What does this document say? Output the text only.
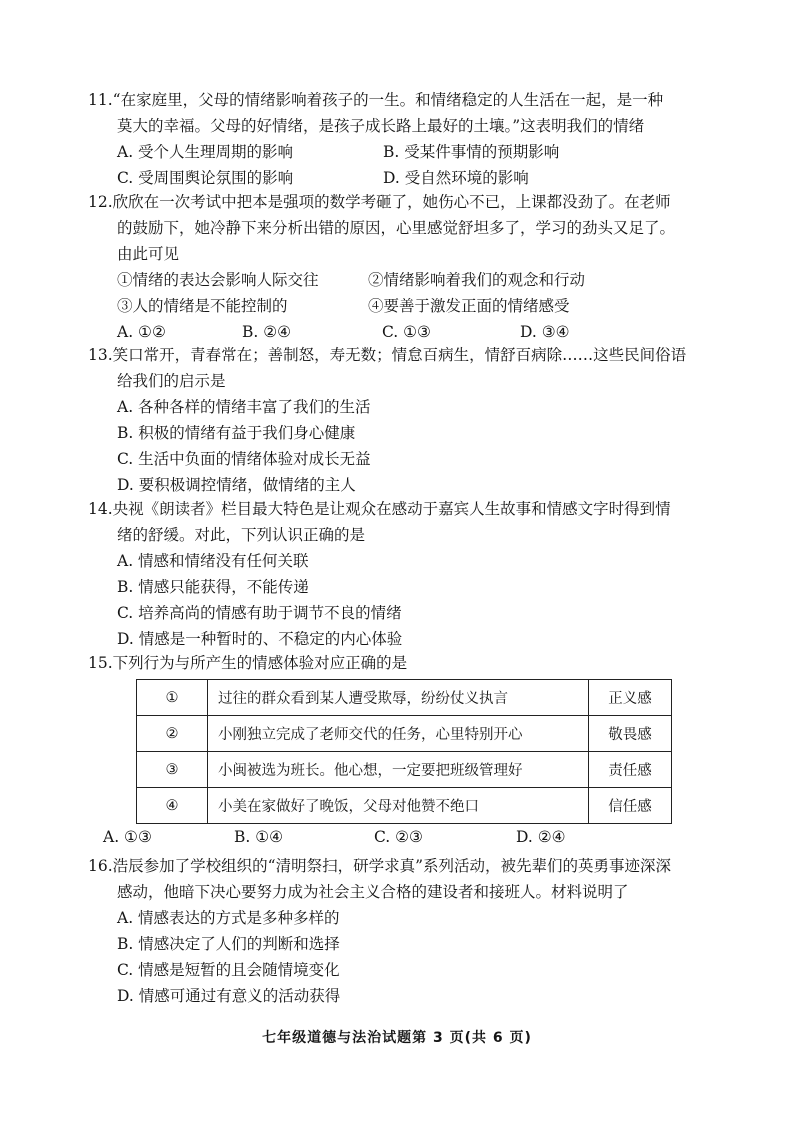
11.“在家庭里，父母的情绪影响着孩子的一生。和情绪稳定的人生活在一起，是一种
莫大的幸福。父母的好情绪，是孩子成长路上最好的土壤。”这表明我们的情绪
A. 受个人生理周期的影响	B. 受某件事情的预期影响
C. 受周围舆论氛围的影响	D. 受自然环境的影响
12.欣欣在一次考试中把本是强项的数学考砸了，她伤心不已，上课都没劲了。在老师
的鼓励下，她冷静下来分析出错的原因，心里感觉舒坦多了，学习的劲头又足了。
由此可见
①情绪的表达会影响人际交往	②情绪影响着我们的观念和行动
③人的情绪是不能控制的	④要善于激发正面的情绪感受
A. ①②	B. ②④	C. ①③	D. ③④
13.笑口常开，青春常在；善制怒，寿无数；情怠百病生，情舒百病除……这些民间俗语
给我们的启示是
A. 各种各样的情绪丰富了我们的生活
B. 积极的情绪有益于我们身心健康
C. 生活中负面的情绪体验对成长无益
D. 要积极调控情绪，做情绪的主人
14.央视《朗读者》栏目最大特色是让观众在感动于嘉宾人生故事和情感文字时得到情
绪的舒缓。对此，下列认识正确的是
A. 情感和情绪没有任何关联
B. 情感只能获得，不能传递
C. 培养高尚的情感有助于调节不良的情绪
D. 情感是一种暂时的、不稳定的内心体验
15.下列行为与所产生的情感体验对应正确的是
①	过往的群众看到某人遭受欺辱，纷纷仗义执言	正义感
②	小刚独立完成了老师交代的任务，心里特别开心	敬畏感
③	小闽被选为班长。他心想，一定要把班级管理好	责任感
④	小美在家做好了晚饭，父母对他赞不绝口	信任感
A. ①③	B. ①④	C. ②③	D. ②④
16.浩辰参加了学校组织的“清明祭扫，研学求真”系列活动，被先辈们的英勇事迹深深
感动，他暗下决心要努力成为社会主义合格的建设者和接班人。材料说明了
A. 情感表达的方式是多种多样的
B. 情感决定了人们的判断和选择
C. 情感是短暂的且会随情境变化
D. 情感可通过有意义的活动获得
七年级道德与法治试题第 3 页(共 6 页)
